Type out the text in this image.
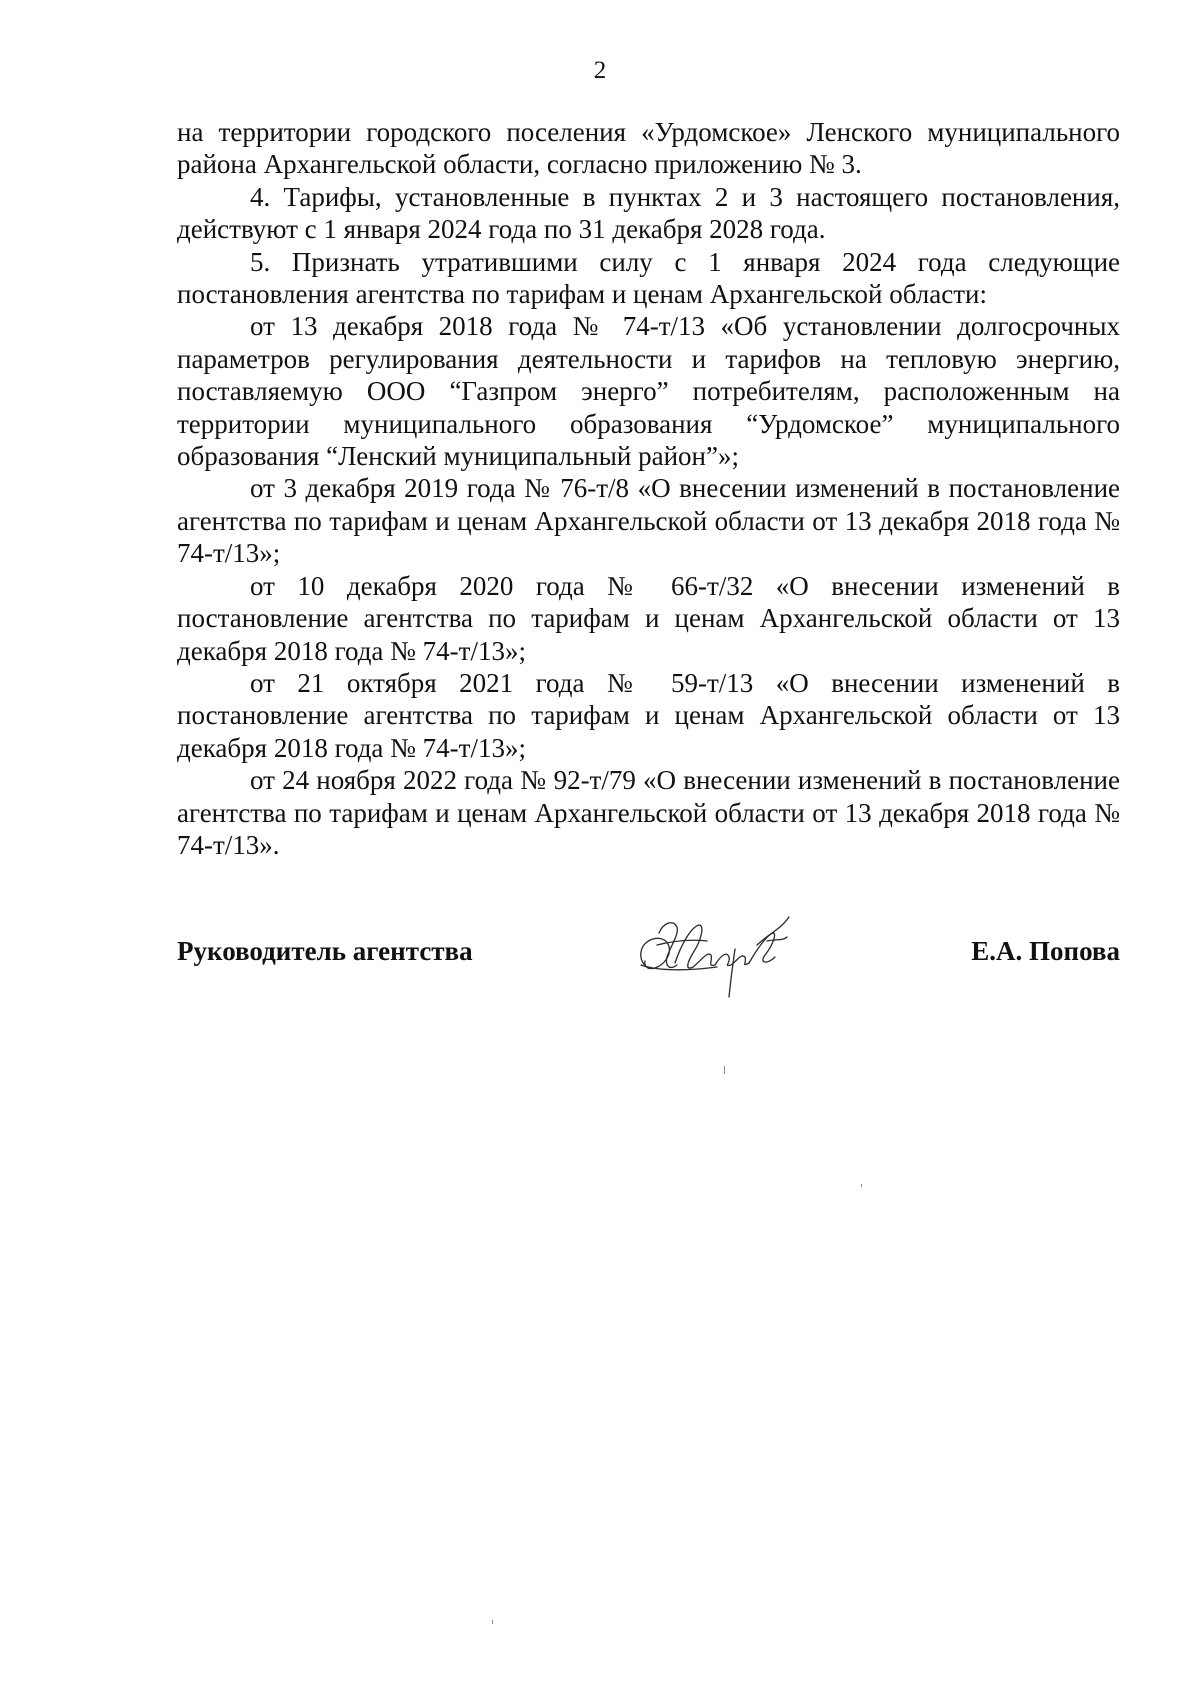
2

на территории городского поселения «Урдомское» Ленского муниципального района Архангельской области, согласно приложению № 3.

4. Тарифы, установленные в пунктах 2 и 3 настоящего постановления, действуют с 1 января 2024 года по 31 декабря 2028 года.

5. Признать утратившими силу с 1 января 2024 года следующие постановления агентства по тарифам и ценам Архангельской области:

от 13 декабря 2018 года № 74-т/13 «Об установлении долгосрочных параметров регулирования деятельности и тарифов на тепловую энергию, поставляемую ООО “Газпром энерго” потребителям, расположенным на территории муниципального образования “Урдомское” муниципального образования “Ленский муниципальный район”»;

от 3 декабря 2019 года № 76-т/8 «О внесении изменений в постановление агентства по тарифам и ценам Архангельской области от 13 декабря 2018 года № 74-т/13»;

от 10 декабря 2020 года № 66-т/32 «О внесении изменений в постановление агентства по тарифам и ценам Архангельской области от 13 декабря 2018 года № 74-т/13»;

от 21 октября 2021 года № 59-т/13 «О внесении изменений в постановление агентства по тарифам и ценам Архангельской области от 13 декабря 2018 года № 74-т/13»;

от 24 ноября 2022 года № 92-т/79 «О внесении изменений в постановление агентства по тарифам и ценам Архангельской области от 13 декабря 2018 года № 74-т/13».

Руководитель агентства	Е.А. Попова
